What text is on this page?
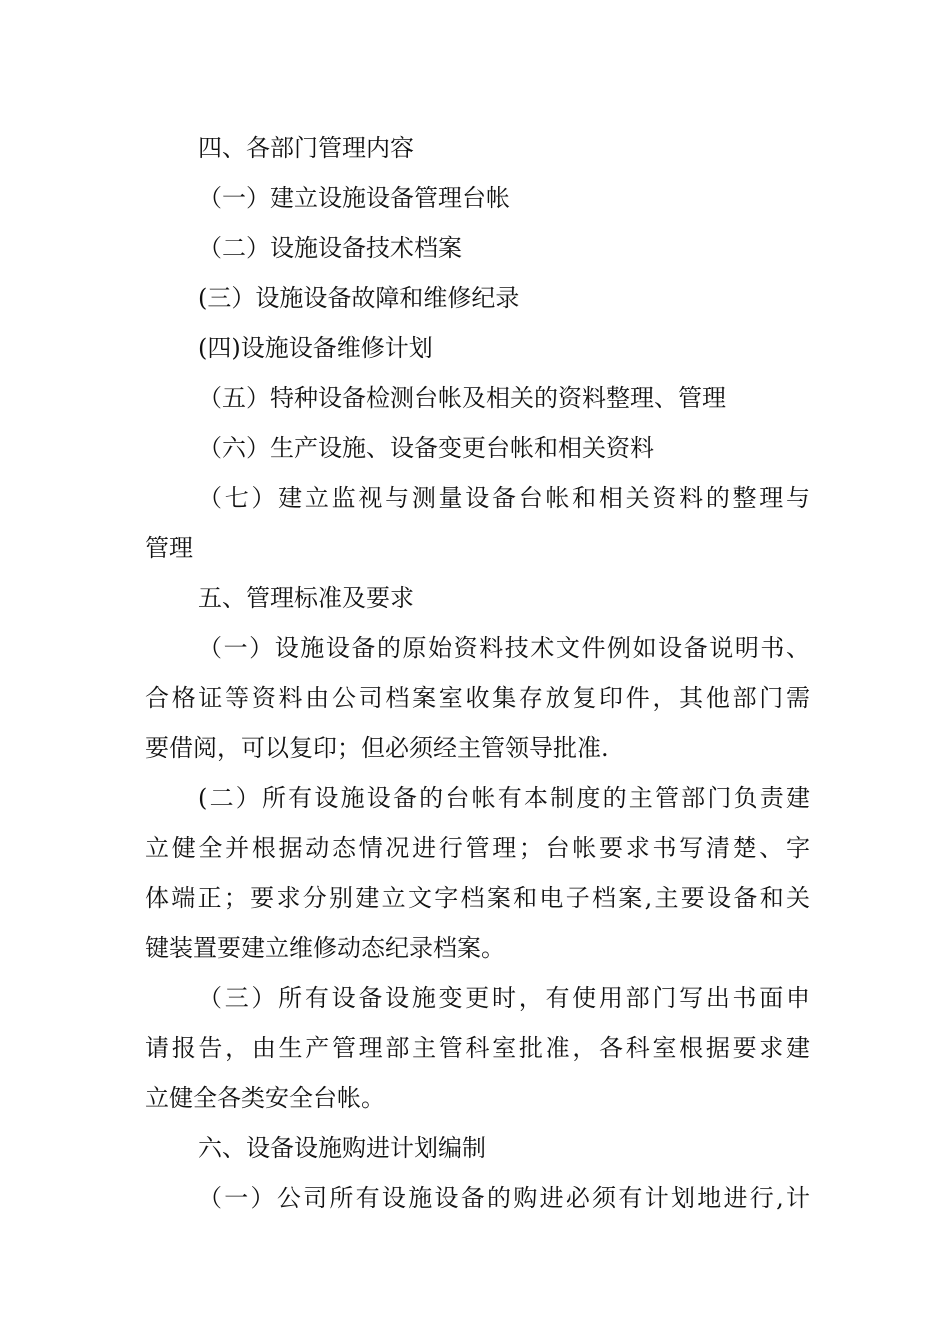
四、各部门管理内容
（一）建立设施设备管理台帐
（二）设施设备技术档案
(三）设施设备故障和维修纪录
(四)设施设备维修计划
（五）特种设备检测台帐及相关的资料整理、管理
（六）生产设施、设备变更台帐和相关资料
（七）建立监视与测量设备台帐和相关资料的整理与
管理
五、管理标准及要求
（一）设施设备的原始资料技术文件例如设备说明书、
合格证等资料由公司档案室收集存放复印件，其他部门需
要借阅，可以复印；但必须经主管领导批准.
(二）所有设施设备的台帐有本制度的主管部门负责建
立健全并根据动态情况进行管理；台帐要求书写清楚、字
体端正；要求分别建立文字档案和电子档案,主要设备和关
键装置要建立维修动态纪录档案。
（三）所有设备设施变更时，有使用部门写出书面申
请报告，由生产管理部主管科室批准，各科室根据要求建
立健全各类安全台帐。
六、设备设施购进计划编制
（一）公司所有设施设备的购进必须有计划地进行,计
